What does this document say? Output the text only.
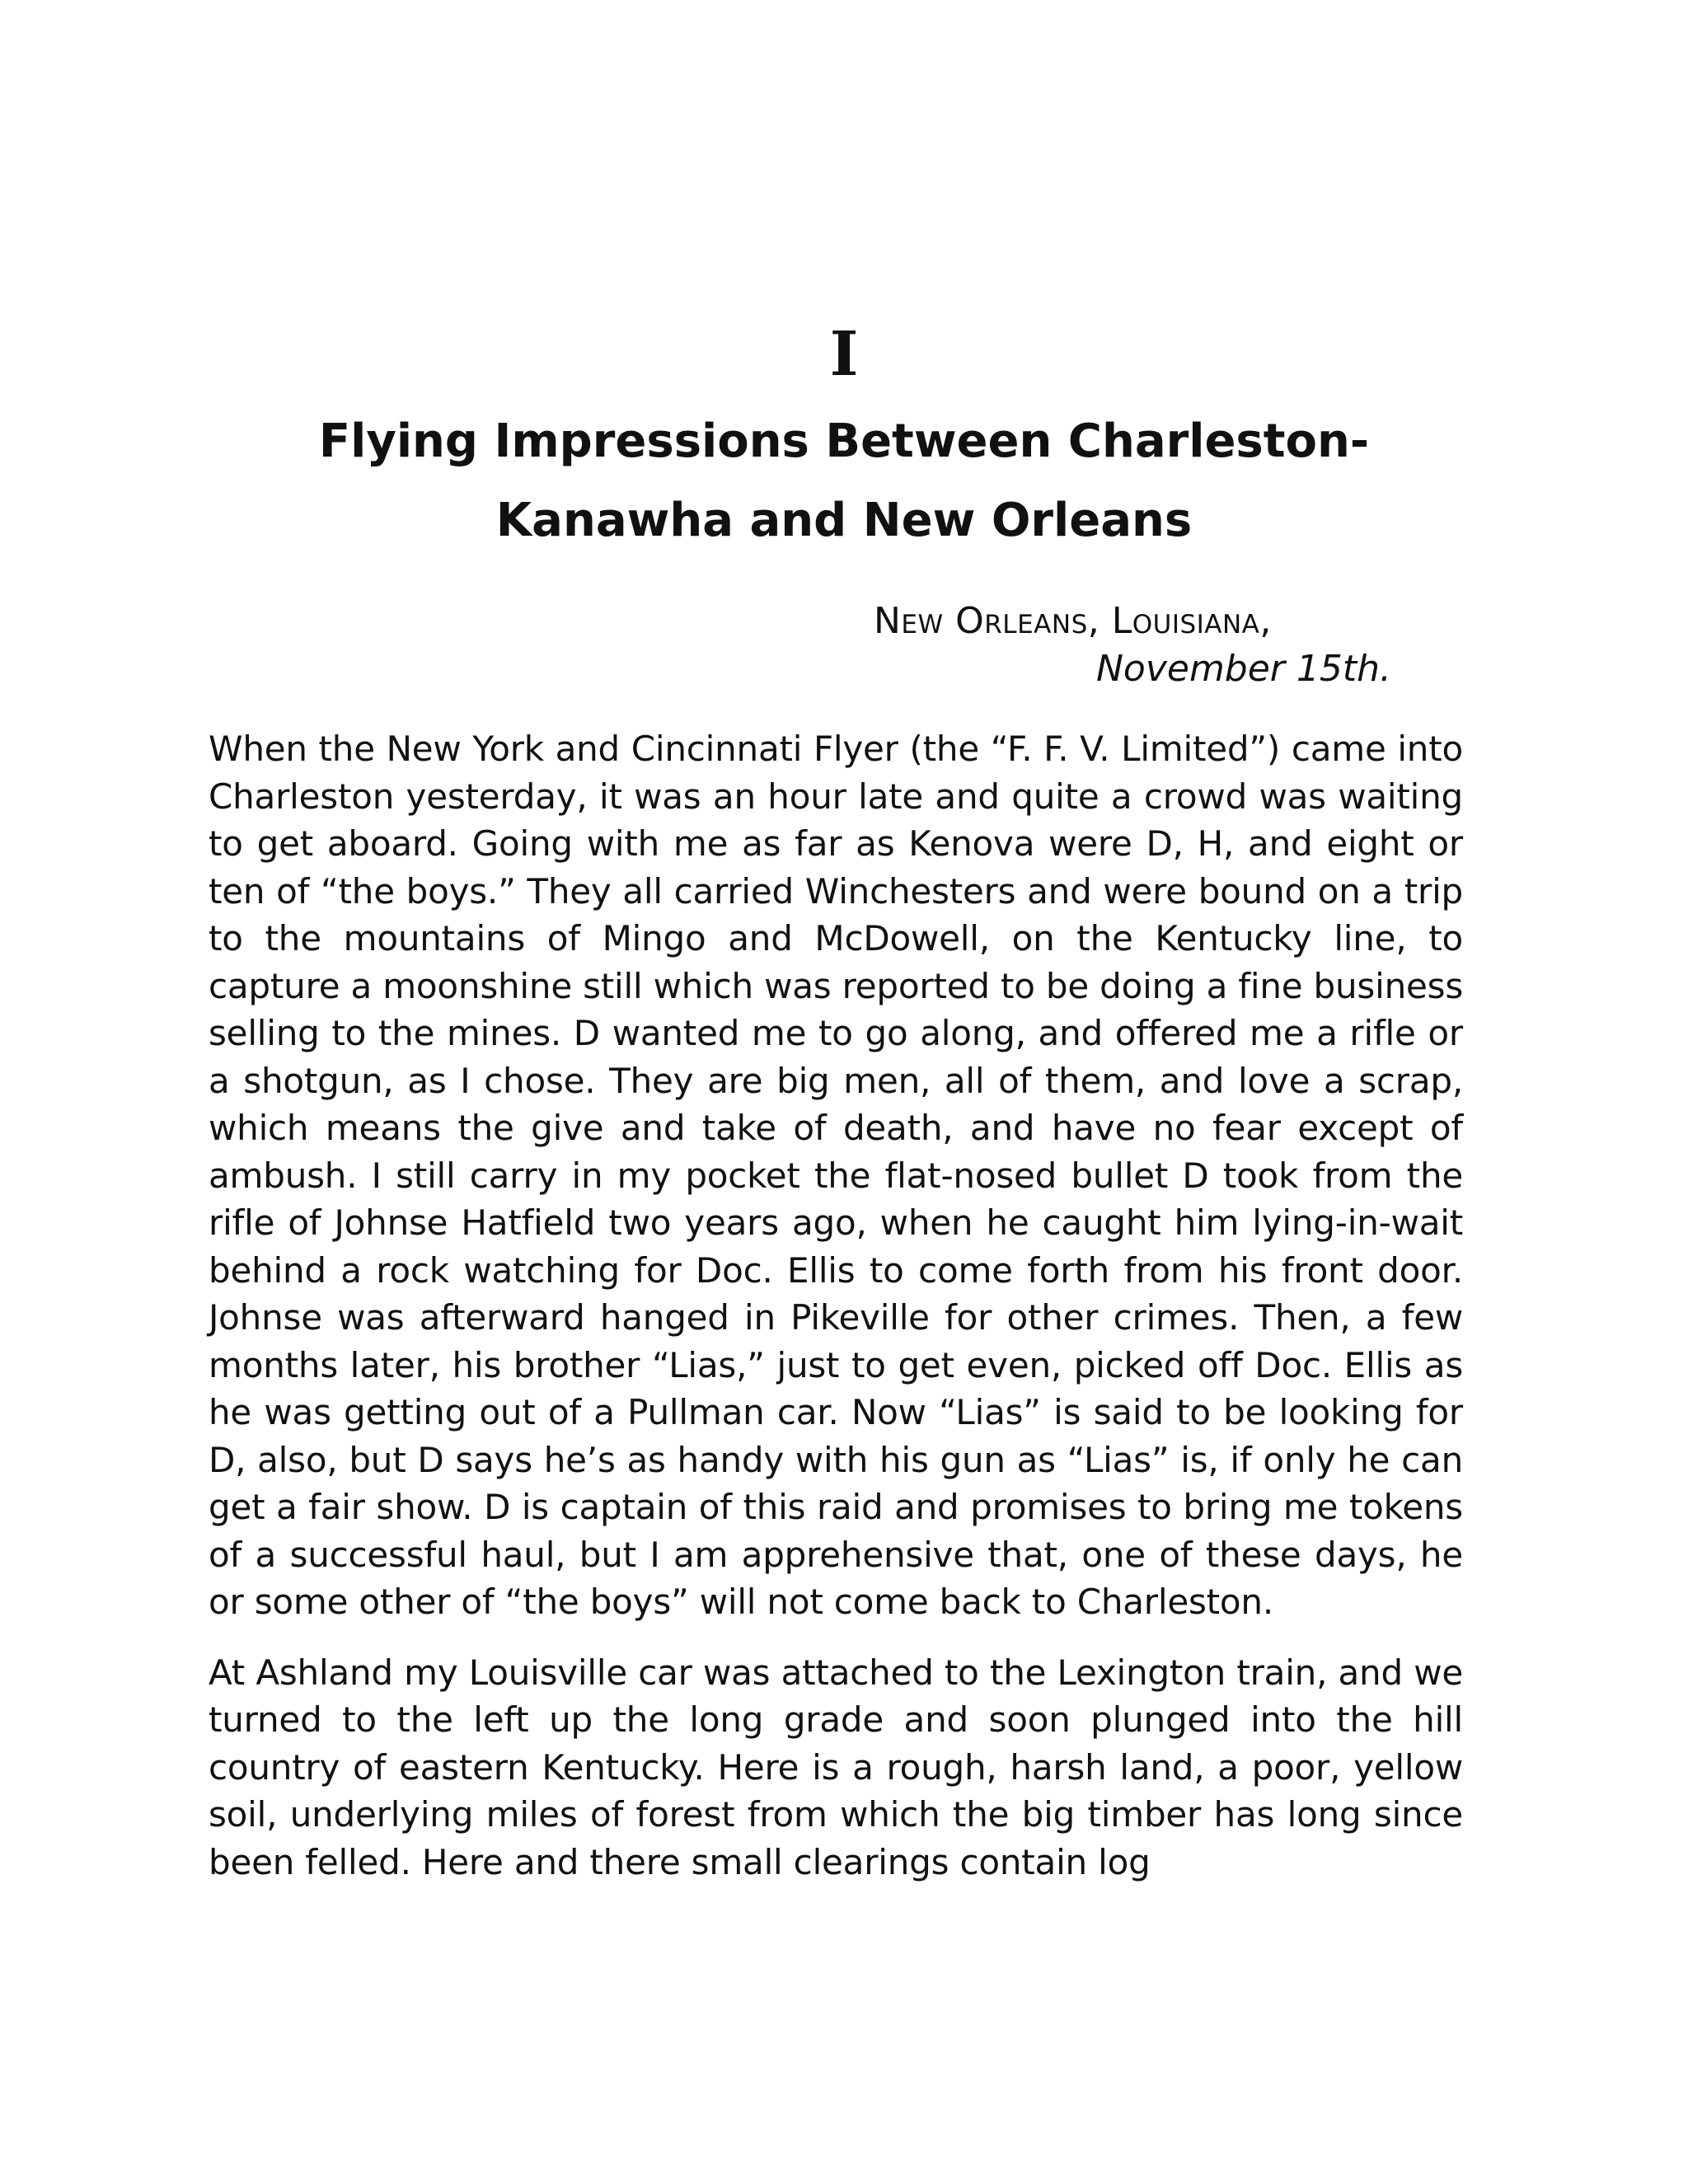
I
Flying Impressions Between Charleston-
Kanawha and New Orleans
New Orleans, Louisiana,
November 15th.

When the New York and Cincinnati Flyer (the “F. F. V. Limited”) came into Charleston yesterday, it was an hour late and quite a crowd was waiting to get aboard. Going with me as far as Kenova were D, H, and eight or ten of “the boys.” They all carried Winchesters and were bound on a trip to the mountains of Mingo and McDowell, on the Kentucky line, to capture a moonshine still which was reported to be doing a fine business selling to the mines. D wanted me to go along, and offered me a rifle or a shotgun, as I chose. They are big men, all of them, and love a scrap, which means the give and take of death, and have no fear except of ambush. I still carry in my pocket the flat-nosed bullet D took from the rifle of Johnse Hatfield two years ago, when he caught him lying-in-wait behind a rock watching for Doc. Ellis to come forth from his front door. Johnse was afterward hanged in Pikeville for other crimes. Then, a few months later, his brother “Lias,” just to get even, picked off Doc. Ellis as he was getting out of a Pullman car. Now “Lias” is said to be looking for D, also, but D says he’s as handy with his gun as “Lias” is, if only he can get a fair show. D is captain of this raid and promises to bring me tokens of a successful haul, but I am apprehensive that, one of these days, he or some other of “the boys” will not come back to Charleston.

At Ashland my Louisville car was attached to the Lexington train, and we turned to the left up the long grade and soon plunged into the hill country of eastern Kentucky. Here is a rough, harsh land, a poor, yellow soil, underlying miles of forest from which the big timber has long since been felled. Here and there small clearings contain log
